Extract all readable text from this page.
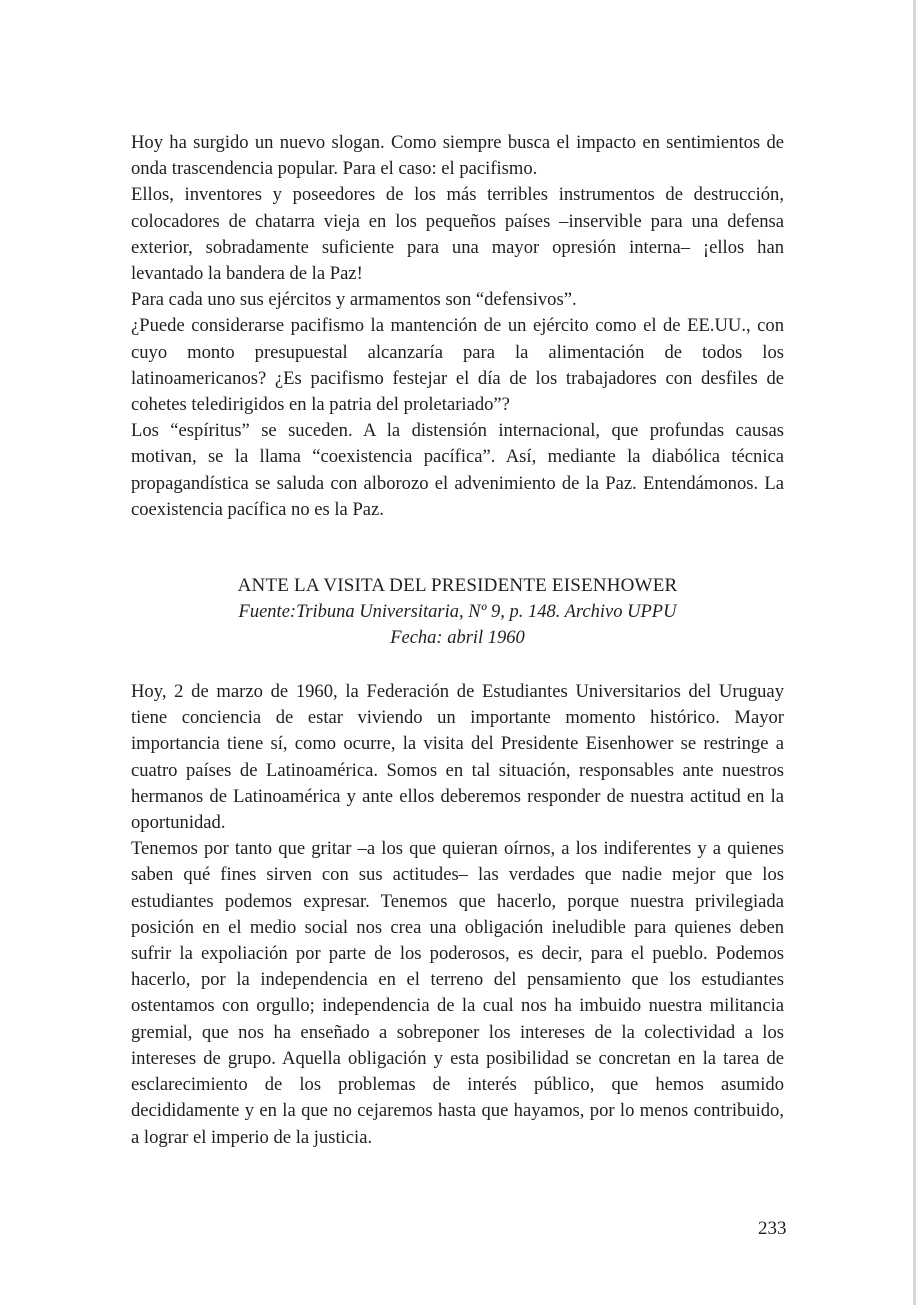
Hoy ha surgido un nuevo slogan. Como siempre busca el impacto en sentimientos de onda trascendencia popular. Para el caso: el pacifismo.

Ellos, inventores y poseedores de los más terribles instrumentos de destrucción, colocadores de chatarra vieja en los pequeños países –inservible para una defensa exterior, sobradamente suficiente para una mayor opresión interna– ¡ellos han levantado la bandera de la Paz!

Para cada uno sus ejércitos y armamentos son “defensivos”.

¿Puede considerarse pacifismo la mantención de un ejército como el de EE.UU., con cuyo monto presupuestal alcanzaría para la alimentación de todos los latinoamericanos? ¿Es pacifismo festejar el día de los trabajadores con desfiles de cohetes teledirigidos en la patria del proletariado”?

Los “espíritus” se suceden. A la distensión internacional, que profundas causas motivan, se la llama “coexistencia pacífica”. Así, mediante la diabólica técnica propagandística se saluda con alborozo el advenimiento de la Paz. Entendámonos. La coexistencia pacífica no es la Paz.

ANTE LA VISITA DEL PRESIDENTE EISENHOWER

Fuente:Tribuna Universitaria, Nº 9, p. 148. Archivo UPPU

Fecha: abril 1960

Hoy, 2 de marzo de 1960, la Federación de Estudiantes Universitarios del Uruguay tiene conciencia de estar viviendo un importante momento histórico. Mayor importancia tiene sí, como ocurre, la visita del Presidente Eisenhower se restringe a cuatro países de Latinoamérica. Somos en tal situación, responsables ante nuestros hermanos de Latinoamérica y ante ellos deberemos responder de nuestra actitud en la oportunidad.

Tenemos por tanto que gritar –a los que quieran oírnos, a los indiferentes y a quienes saben qué fines sirven con sus actitudes– las verdades que nadie mejor que los estudiantes podemos expresar. Tenemos que hacerlo, porque nuestra privilegiada posición en el medio social nos crea una obligación ineludible para quienes deben sufrir la expoliación por parte de los poderosos, es decir, para el pueblo. Podemos hacerlo, por la independencia en el terreno del pensamiento que los estudiantes ostentamos con orgullo; independencia de la cual nos ha imbuido nuestra militancia gremial, que nos ha enseñado a sobreponer los intereses de la colectividad a los intereses de grupo. Aquella obligación y esta posibilidad se concretan en la tarea de esclarecimiento de los problemas de interés público, que hemos asumido decididamente y en la que no cejaremos hasta que hayamos, por lo menos contribuido, a lograr el imperio de la justicia.

233
